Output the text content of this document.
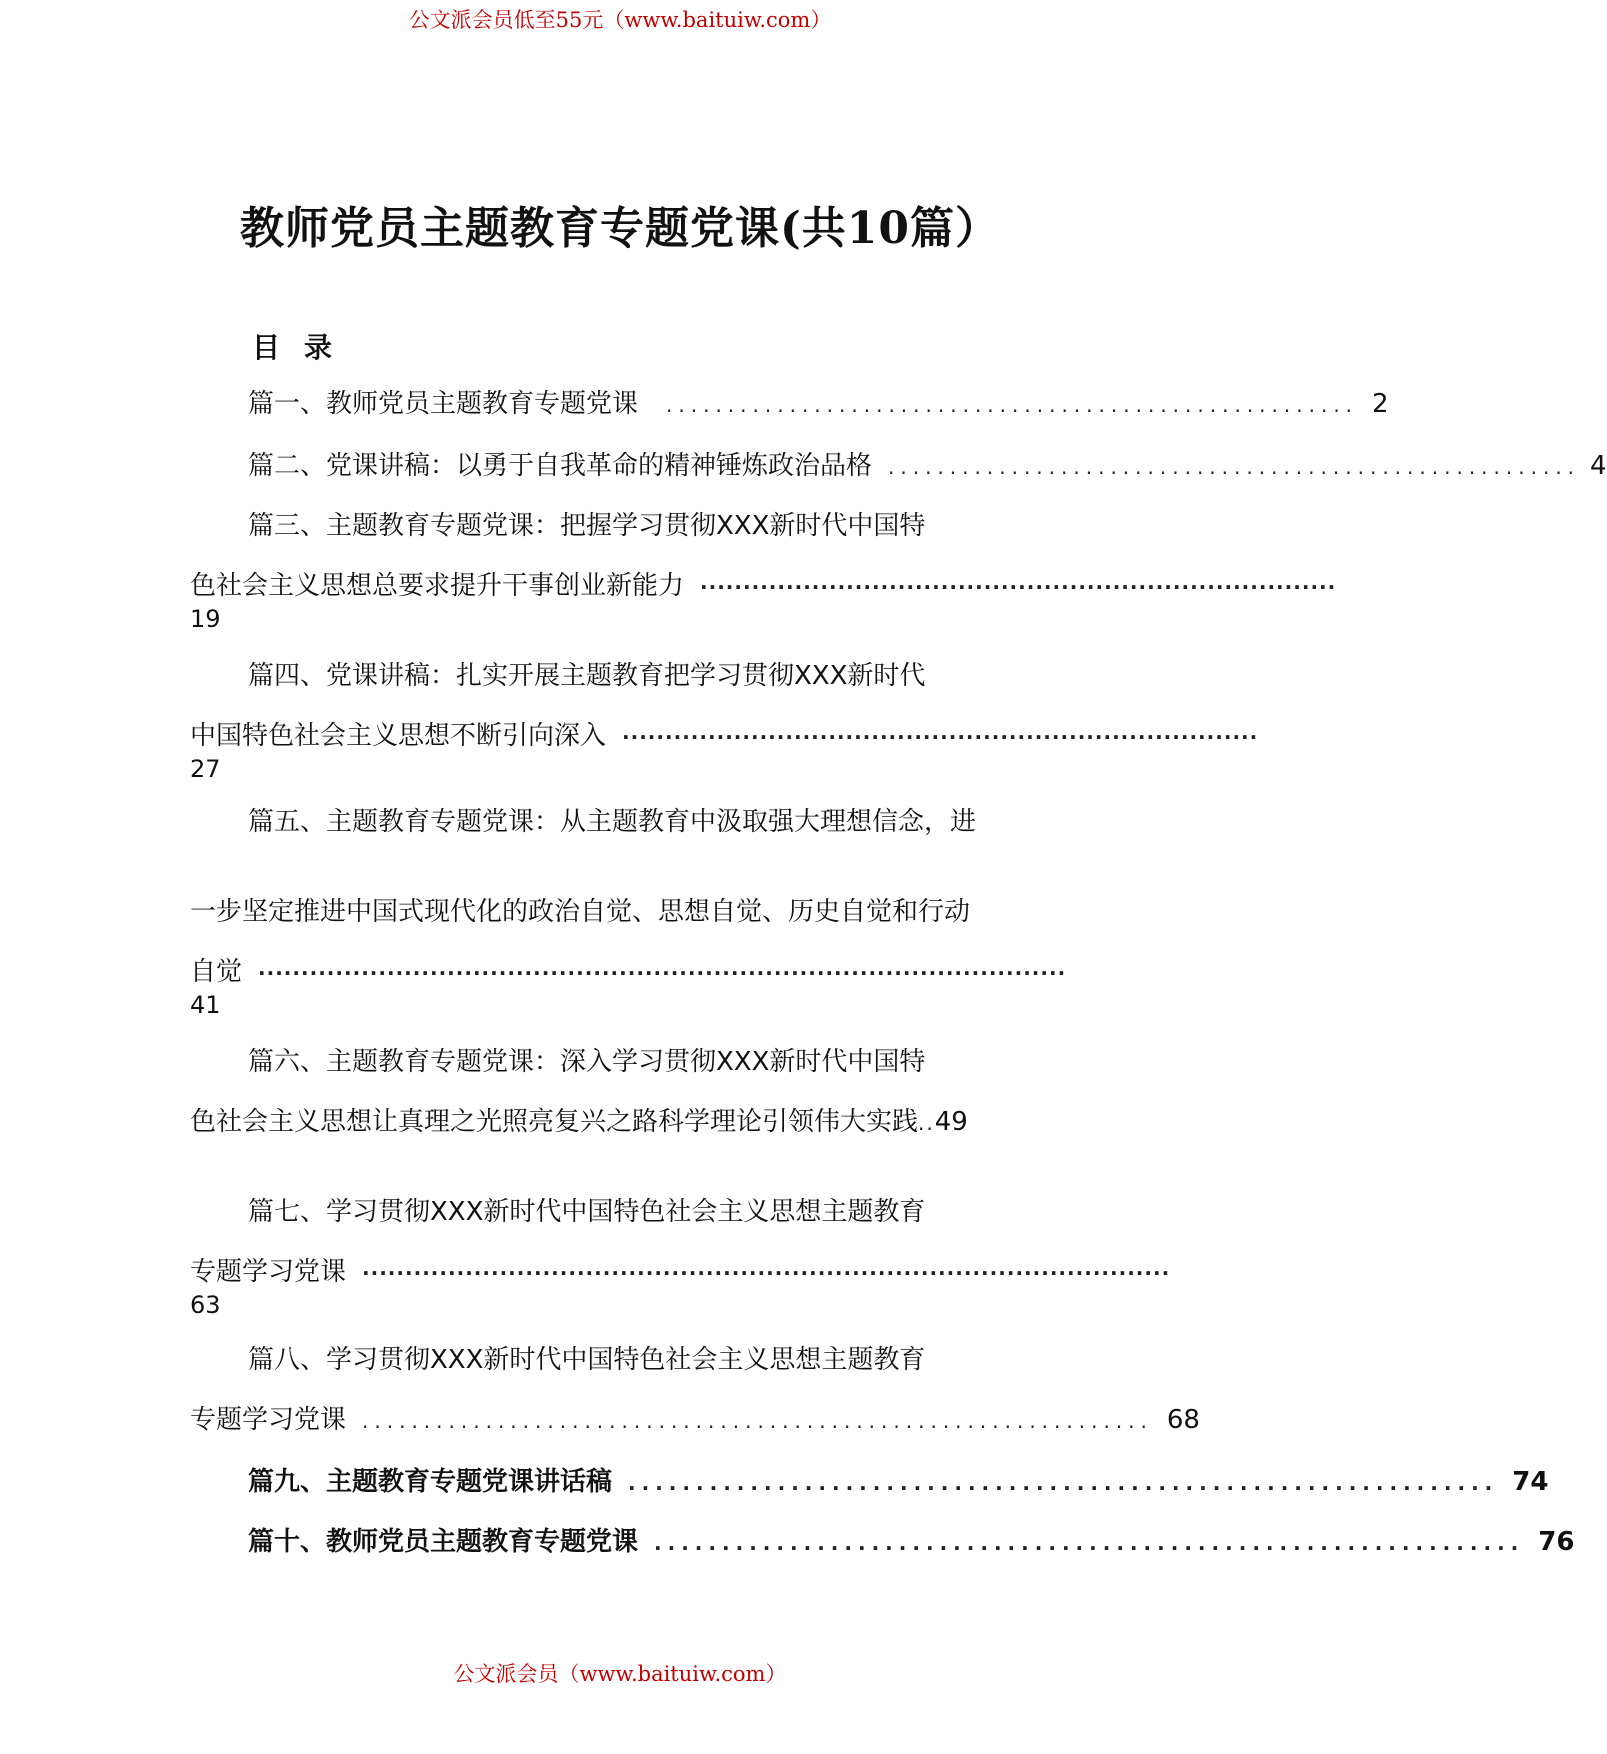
公文派会员低至55元（www.baituiw.com）
教师党员主题教育专题党课(共10篇）
目录
篇一、教师党员主题教育专题党课	........................................................ 2
篇二、党课讲稿：以勇于自我革命的精神锤炼政治品格 ........................................................ 4
篇三、主题教育专题党课：把握学习贯彻XXX新时代中国特
色社会主义思想总要求提升干事创业新能力 ··········································································
19
篇四、党课讲稿：扎实开展主题教育把学习贯彻XXX新时代
中国特色社会主义思想不断引向深入 ··········································································
27
篇五、主题教育专题党课：从主题教育中汲取强大理想信念，进
一步坚定推进中国式现代化的政治自觉、思想自觉、历史自觉和行动
自觉 ······························································································
41
篇六、主题教育专题党课：深入学习贯彻XXX新时代中国特
色社会主义思想让真理之光照亮复兴之路科学理论引领伟大实践 .. 49
篇七、学习贯彻XXX新时代中国特色社会主义思想主题教育
专题学习党课 ······························································································
63
篇八、学习贯彻XXX新时代中国特色社会主义思想主题教育
专题学习党课 ................................................................ 68
篇九、主题教育专题党课讲话稿 ................................................................ 74
篇十、教师党员主题教育专题党课 ................................................................ 76
公文派会员（www.baituiw.com）
